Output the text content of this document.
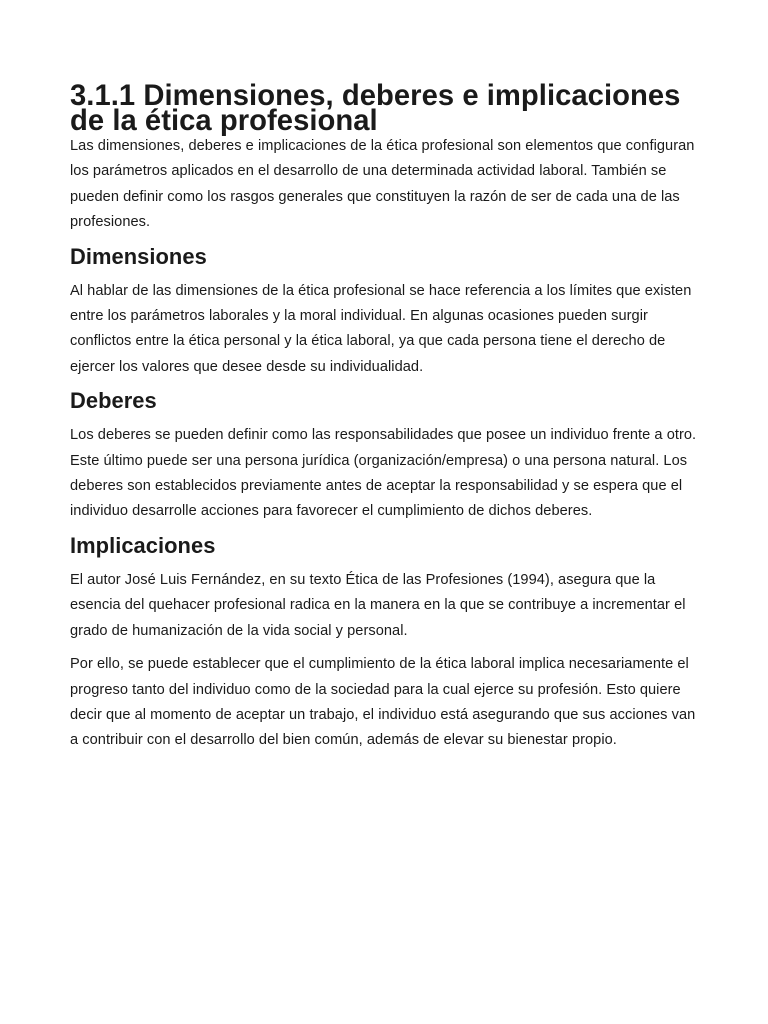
3.1.1 Dimensiones, deberes e implicaciones de la ética profesional

Las dimensiones, deberes e implicaciones de la ética profesional son elementos que configuran los parámetros aplicados en el desarrollo de una determinada actividad laboral. También se pueden definir como los rasgos generales que constituyen la razón de ser de cada una de las profesiones.

Dimensiones

Al hablar de las dimensiones de la ética profesional se hace referencia a los límites que existen entre los parámetros laborales y la moral individual. En algunas ocasiones pueden surgir conflictos entre la ética personal y la ética laboral, ya que cada persona tiene el derecho de ejercer los valores que desee desde su individualidad.

Deberes

Los deberes se pueden definir como las responsabilidades que posee un individuo frente a otro. Este último puede ser una persona jurídica (organización/empresa) o una persona natural. Los deberes son establecidos previamente antes de aceptar la responsabilidad y se espera que el individuo desarrolle acciones para favorecer el cumplimiento de dichos deberes.

Implicaciones

El autor José Luis Fernández, en su texto Ética de las Profesiones (1994), asegura que la esencia del quehacer profesional radica en la manera en la que se contribuye a incrementar el grado de humanización de la vida social y personal.

Por ello, se puede establecer que el cumplimiento de la ética laboral implica necesariamente el progreso tanto del individuo como de la sociedad para la cual ejerce su profesión. Esto quiere decir que al momento de aceptar un trabajo, el individuo está asegurando que sus acciones van a contribuir con el desarrollo del bien común, además de elevar su bienestar propio.
